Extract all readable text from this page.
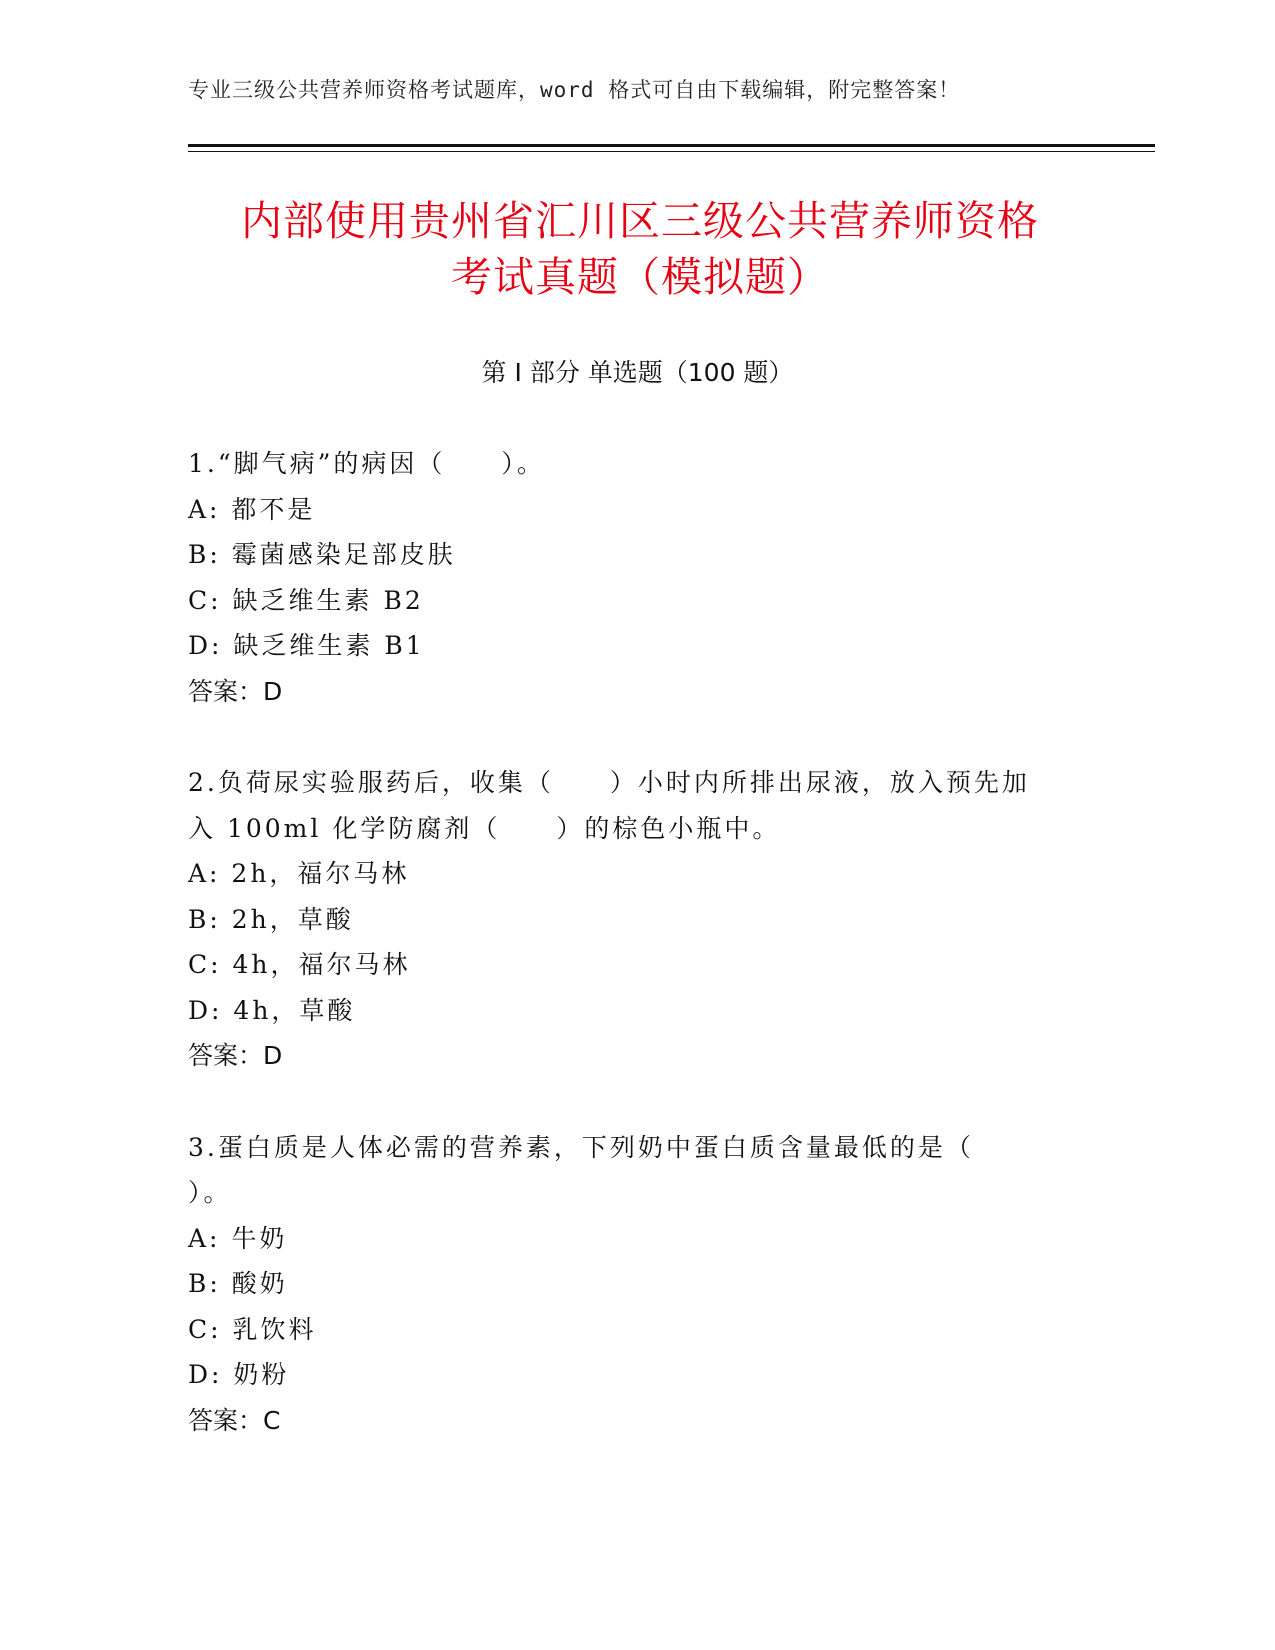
专业三级公共营养师资格考试题库，word 格式可自由下载编辑，附完整答案！
内部使用贵州省汇川区三级公共营养师资格
考试真题（模拟题）
第 I 部分 单选题（100 题）
1.“脚气病”的病因（　　）。
A: 都不是
B: 霉菌感染足部皮肤
C: 缺乏维生素 B2
D: 缺乏维生素 B1
答案：D
2.负荷尿实验服药后，收集（　　）小时内所排出尿液，放入预先加
入 100ml 化学防腐剂（　　）的棕色小瓶中。
A: 2h，福尔马林
B: 2h，草酸
C: 4h，福尔马林
D: 4h，草酸
答案：D
3.蛋白质是人体必需的营养素，下列奶中蛋白质含量最低的是（
）。
A: 牛奶
B: 酸奶
C: 乳饮料
D: 奶粉
答案：C
